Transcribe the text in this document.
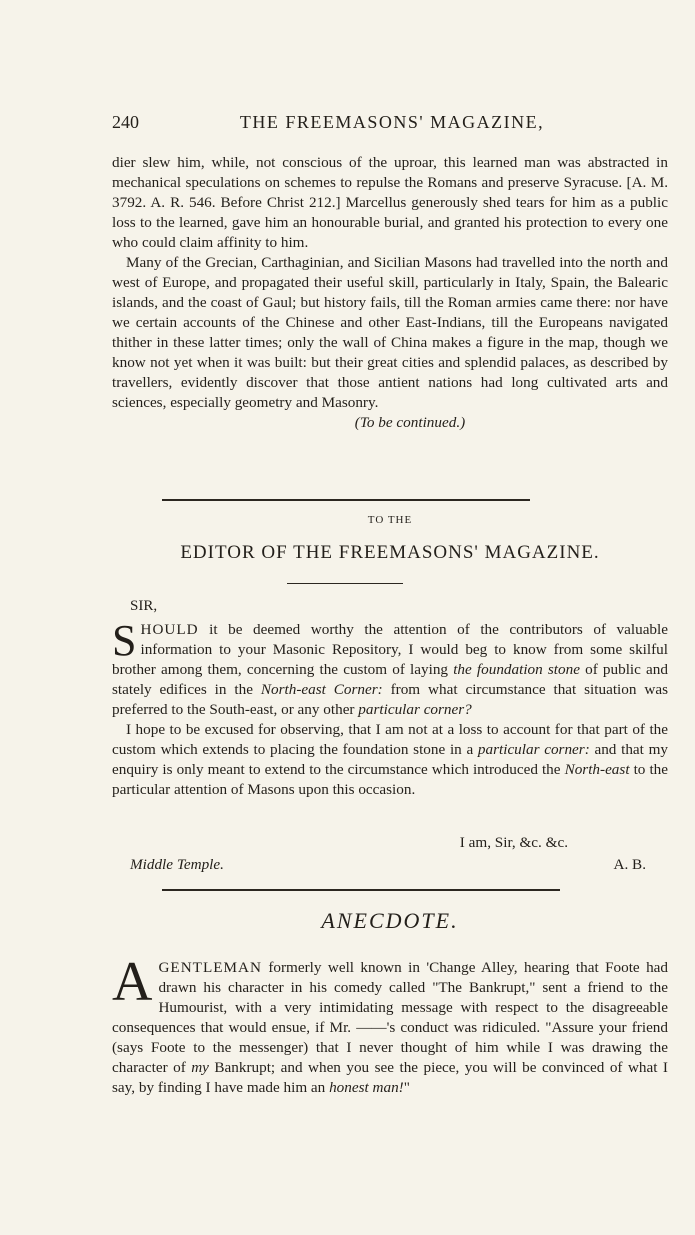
240	THE FREEMASONS' MAGAZINE,

dier slew him, while, not conscious of the uproar, this learned man was abstracted in mechanical speculations on schemes to repulse the Romans and preserve Syracuse. [A. M. 3792. A. R. 546. Before Christ 212.] Marcellus generously shed tears for him as a public loss to the learned, gave him an honourable burial, and granted his protection to every one who could claim affinity to him.

Many of the Grecian, Carthaginian, and Sicilian Masons had travelled into the north and west of Europe, and propagated their useful skill, particularly in Italy, Spain, the Balearic islands, and the coast of Gaul; but history fails, till the Roman armies came there: nor have we certain accounts of the Chinese and other East-Indians, till the Europeans navigated thither in these latter times; only the wall of China makes a figure in the map, though we know not yet when it was built: but their great cities and splendid palaces, as described by travellers, evidently discover that those antient nations had long cultivated arts and sciences, especially geometry and Masonry.

(To be continued.)

TO THE
EDITOR OF THE FREEMASONS' MAGAZINE.
SIR,

SHOULD it be deemed worthy the attention of the contributors of valuable information to your Masonic Repository, I would beg to know from some skilful brother among them, concerning the custom of laying the foundation stone of public and stately edifices in the North-east Corner: from what circumstance that situation was preferred to the South-east, or any other particular corner?

I hope to be excused for observing, that I am not at a loss to account for that part of the custom which extends to placing the foundation stone in a particular corner: and that my enquiry is only meant to extend to the circumstance which introduced the North-east to the particular attention of Masons upon this occasion.

I am, Sir, &c. &c.
Middle Temple.	A. B.
ANECDOTE.

AGENTLEMAN formerly well known in 'Change Alley, hearing that Foote had drawn his character in his comedy called "The Bankrupt," sent a friend to the Humourist, with a very intimidating message with respect to the disagreeable consequences that would ensue, if Mr. ——'s conduct was ridiculed. "Assure your friend (says Foote to the messenger) that I never thought of him while I was drawing the character of my Bankrupt; and when you see the piece, you will be convinced of what I say, by finding I have made him an honest man!"
